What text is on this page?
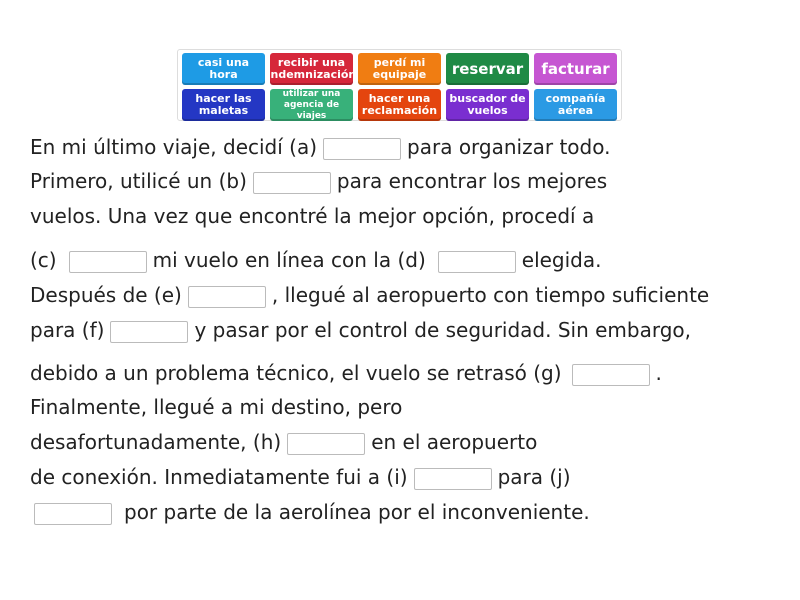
casi una hora
recibir una indemnización
perdí mi equipaje	reservar	facturar
hacer las maletas
utilizar una agencia de viajes
hacer una reclamación
buscador de vuelos
compañía aérea
En mi último viaje, decidí (a)	para organizar todo.
Primero, utilicé un (b)	para encontrar los mejores
vuelos. Una vez que encontré la mejor opción, procedí a
(c)	mi vuelo en línea con la (d)	elegida.
Después de (e)	, llegué al aeropuerto con tiempo suficiente
para (f)	y pasar por el control de seguridad. Sin embargo,
debido a un problema técnico, el vuelo se retrasó (g)	.
Finalmente, llegué a mi destino, pero
desafortunadamente, (h)	en el aeropuerto
de conexión. Inmediatamente fui a (i)	para (j)
por parte de la aerolínea por el inconveniente.
